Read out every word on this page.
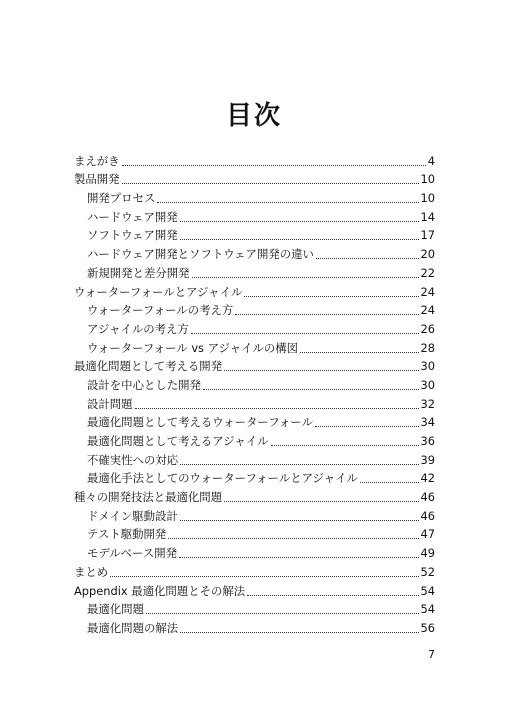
目次
まえがき	4
製品開発	10
開発プロセス	10
ハードウェア開発	14
ソフトウェア開発	17
ハードウェア開発とソフトウェア開発の違い	20
新規開発と差分開発	22
ウォーターフォールとアジャイル	24
ウォーターフォールの考え方	24
アジャイルの考え方	26
ウォーターフォール vs アジャイルの構図	28
最適化問題として考える開発	30
設計を中心とした開発	30
設計問題	32
最適化問題として考えるウォーターフォール	34
最適化問題として考えるアジャイル	36
不確実性への対応	39
最適化手法としてのウォーターフォールとアジャイル	42
種々の開発技法と最適化問題	46
ドメイン駆動設計	46
テスト駆動開発	47
モデルベース開発	49
まとめ	52
Appendix 最適化問題とその解法	54
最適化問題	54
最適化問題の解法	56
7
